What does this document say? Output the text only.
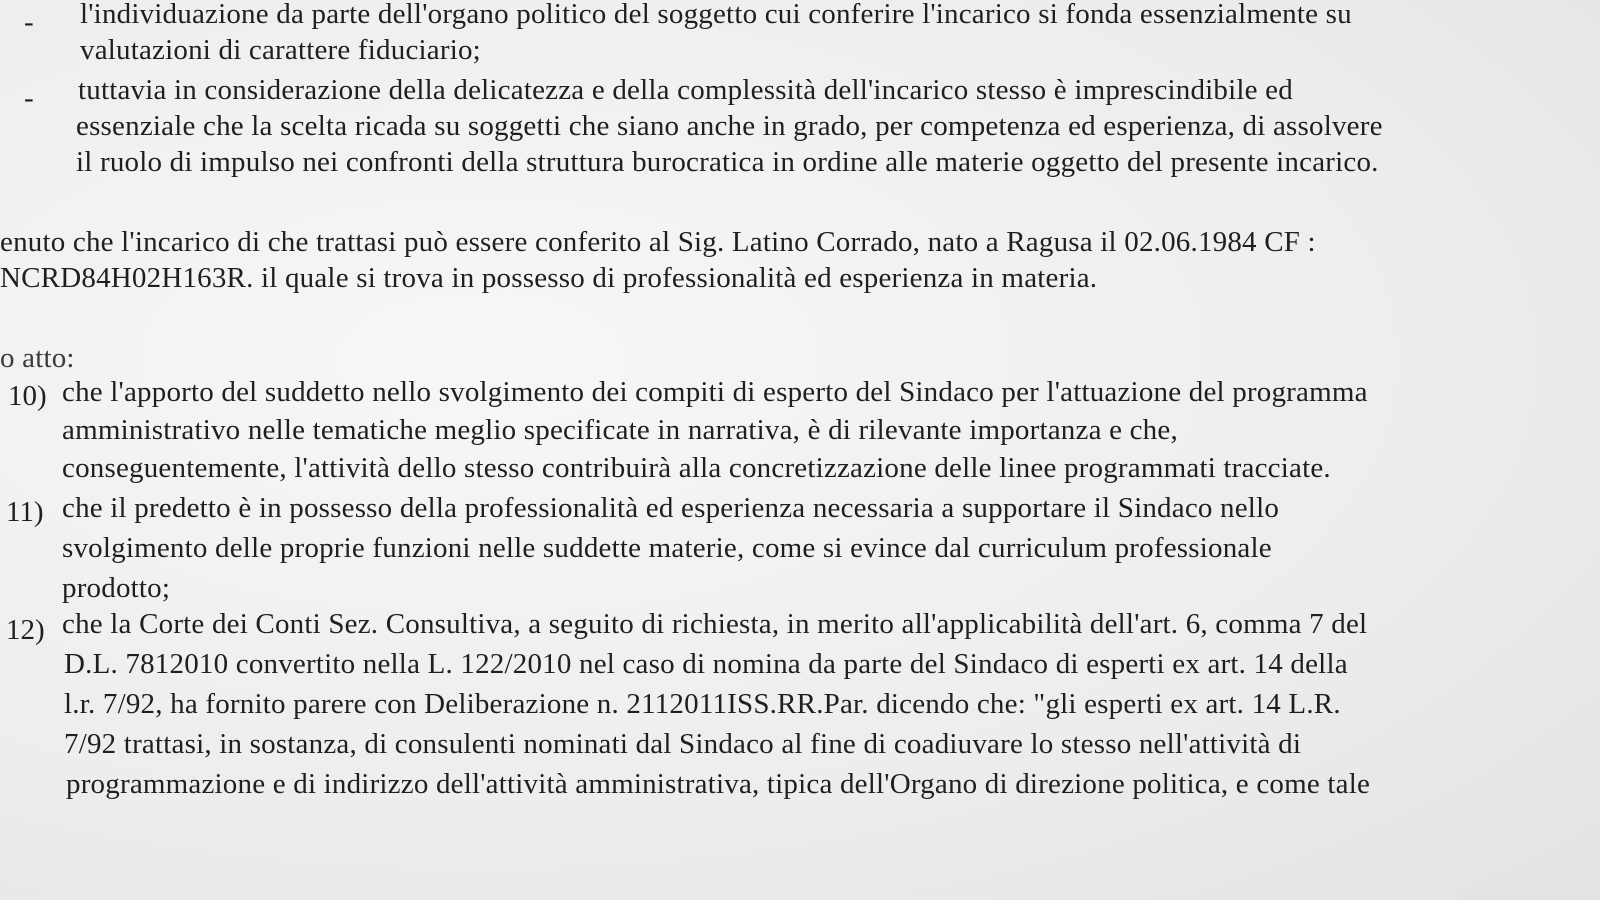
- l'individuazione da parte dell'organo politico del soggetto cui conferire l'incarico si fonda essenzialmente su
valutazioni di carattere fiduciario;
- tuttavia in considerazione della delicatezza e della complessità dell'incarico stesso è imprescindibile ed
essenziale che la scelta ricada su soggetti che siano anche in grado, per competenza ed esperienza, di assolvere
il ruolo di impulso nei confronti della struttura burocratica in ordine alle materie oggetto del presente incarico.
enuto che l'incarico di che trattasi può essere conferito al Sig. Latino Corrado, nato a Ragusa il 02.06.1984 CF :
NCRD84H02H163R. il quale si trova in possesso di professionalità ed esperienza in materia.
o atto:
10) che l'apporto del suddetto nello svolgimento dei compiti di esperto del Sindaco per l'attuazione del programma
amministrativo nelle tematiche meglio specificate in narrativa, è di rilevante importanza e che,
conseguentemente, l'attività dello stesso contribuirà alla concretizzazione delle linee programmati tracciate.
11) che il predetto è in possesso della professionalità ed esperienza necessaria a supportare il Sindaco nello
svolgimento delle proprie funzioni nelle suddette materie, come si evince dal curriculum professionale
prodotto;
12) che la Corte dei Conti Sez. Consultiva, a seguito di richiesta, in merito all'applicabilità dell'art. 6, comma 7 del
D.L. 7812010 convertito nella L. 122/2010 nel caso di nomina da parte del Sindaco di esperti ex art. 14 della
l.r. 7/92, ha fornito parere con Deliberazione n. 2112011ISS.RR.Par. dicendo che: "gli esperti ex art. 14 L.R.
7/92 trattasi, in sostanza, di consulenti nominati dal Sindaco al fine di coadiuvare lo stesso nell'attività di
programmazione e di indirizzo dell'attività amministrativa, tipica dell'Organo di direzione politica, e come tale
